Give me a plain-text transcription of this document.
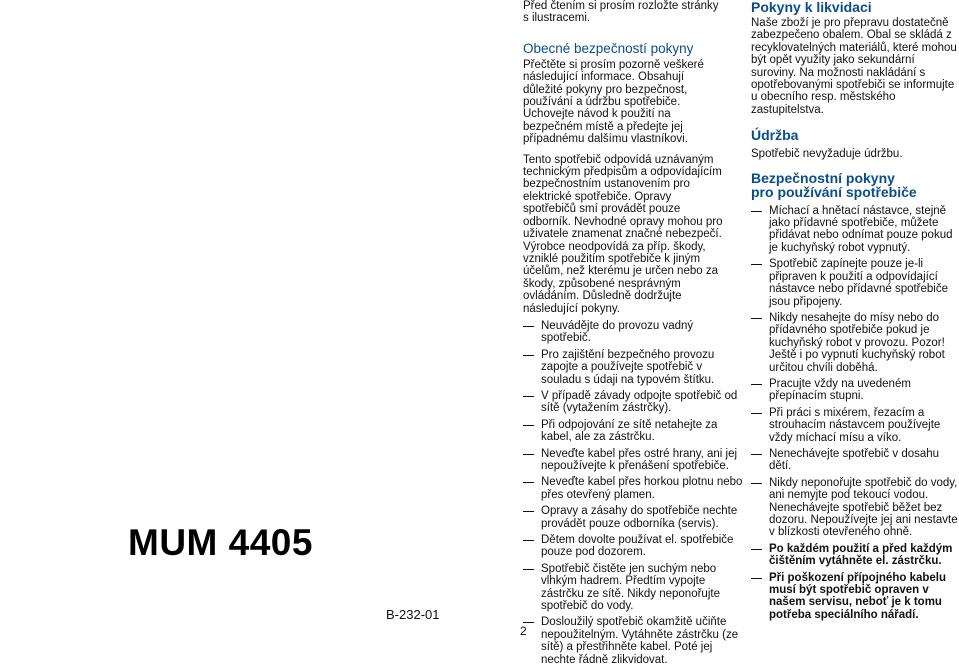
MUM 4405
B-232-01
2

Před čtením si prosím rozložte stránky s ilustracemi.

Obecné bezpečností pokyny

Přečtěte si prosím pozorně veškeré následující informace. Obsahují důležité pokyny pro bezpečnost, používání a údržbu spotřebiče. Uchovejte návod k použití na bezpečném místě a předejte jej případnému dalšímu vlastníkovi.

Tento spotřebič odpovídá uznávaným technickým předpisům a odpovídajícím bezpečnostním ustanovením pro elektrické spotřebiče. Opravy spotřebičů smí provádět pouze odborník. Nevhodné opravy mohou pro uživatele znamenat značné nebezpečí. Výrobce neodpovídá za příp. škody, vzniklé použitím spotřebiče k jiným účelům, než kterému je určen nebo za škody, způsobené nesprávným ovládáním. Důsledně dodržujte následující pokyny.

Neuvádějte do provozu vadný spotřebič.
Pro zajištění bezpečného provozu zapojte a používejte spotřebič v souladu s údaji na typovém štítku.
V případě závady odpojte spotřebič od sítě (vytažením zástrčky).
Při odpojování ze sítě netahejte za kabel, ale za zástrčku.
Neveďte kabel přes ostré hrany, ani jej nepoužívejte k přenášení spotřebiče.
Neveďte kabel přes horkou plotnu nebo přes otevřený plamen.
Opravy a zásahy do spotřebiče nechte provádět pouze odborníka (servis).
Dětem dovolte používat el. spotřebiče pouze pod dozorem.
Spotřebič čistěte jen suchým nebo vlhkým hadrem. Předtím vypojte zástrčku ze sítě. Nikdy neponořujte spotřebič do vody.
Dosloužilý spotřebič okamžitě učiňte nepoužitelným. Vytáhněte zástrčku (ze sítě) a přestřihněte kabel. Poté jej nechte řádně zlikvidovat.
Pokyny k likvidaci

Naše zboží je pro přepravu dostatečně zabezpečeno obalem. Obal se skládá z recyklovatelných materiálů, které mohou být opět využity jako sekundární suroviny. Na možnosti nakládání s opotřebovanými spotřebiči se informujte u obecního resp. městského zastupitelstva.

Údržba

Spotřebič nevyžaduje údržbu.

Bezpečnostní pokyny
pro používání spotřebiče
Míchací a hnětací nástavce, stejně jako přídavné spotřebiče, můžete přidávat nebo odnímat pouze pokud je kuchyňský robot vypnutý.
Spotřebič zapínejte pouze je-li připraven k použití a odpovídající nástavce nebo přídavné spotřebiče jsou připojeny.
Nikdy nesahejte do mísy nebo do přídavného spotřebiče pokud je kuchyňský robot v provozu. Pozor! Ještě i po vypnutí kuchyňský robot určitou chvíli doběhá.
Pracujte vždy na uvedeném přepínacím stupni.
Při práci s mixérem, řezacím a strouhacím nástavcem používejte vždy míchací mísu a víko.
Nenechávejte spotřebič v dosahu dětí.
Nikdy neponořujte spotřebič do vody, ani nemyjte pod tekoucí vodou. Nenechávejte spotřebič běžet bez dozoru. Nepoužívejte jej ani nestavte v blízkosti otevřeného ohně.
Po každém použití a před každým čištěním vytáhněte el. zástrčku.
Při poškození přípojného kabelu musí být spotřebič opraven v našem servisu, neboť je k tomu potřeba speciálního nářadí.
